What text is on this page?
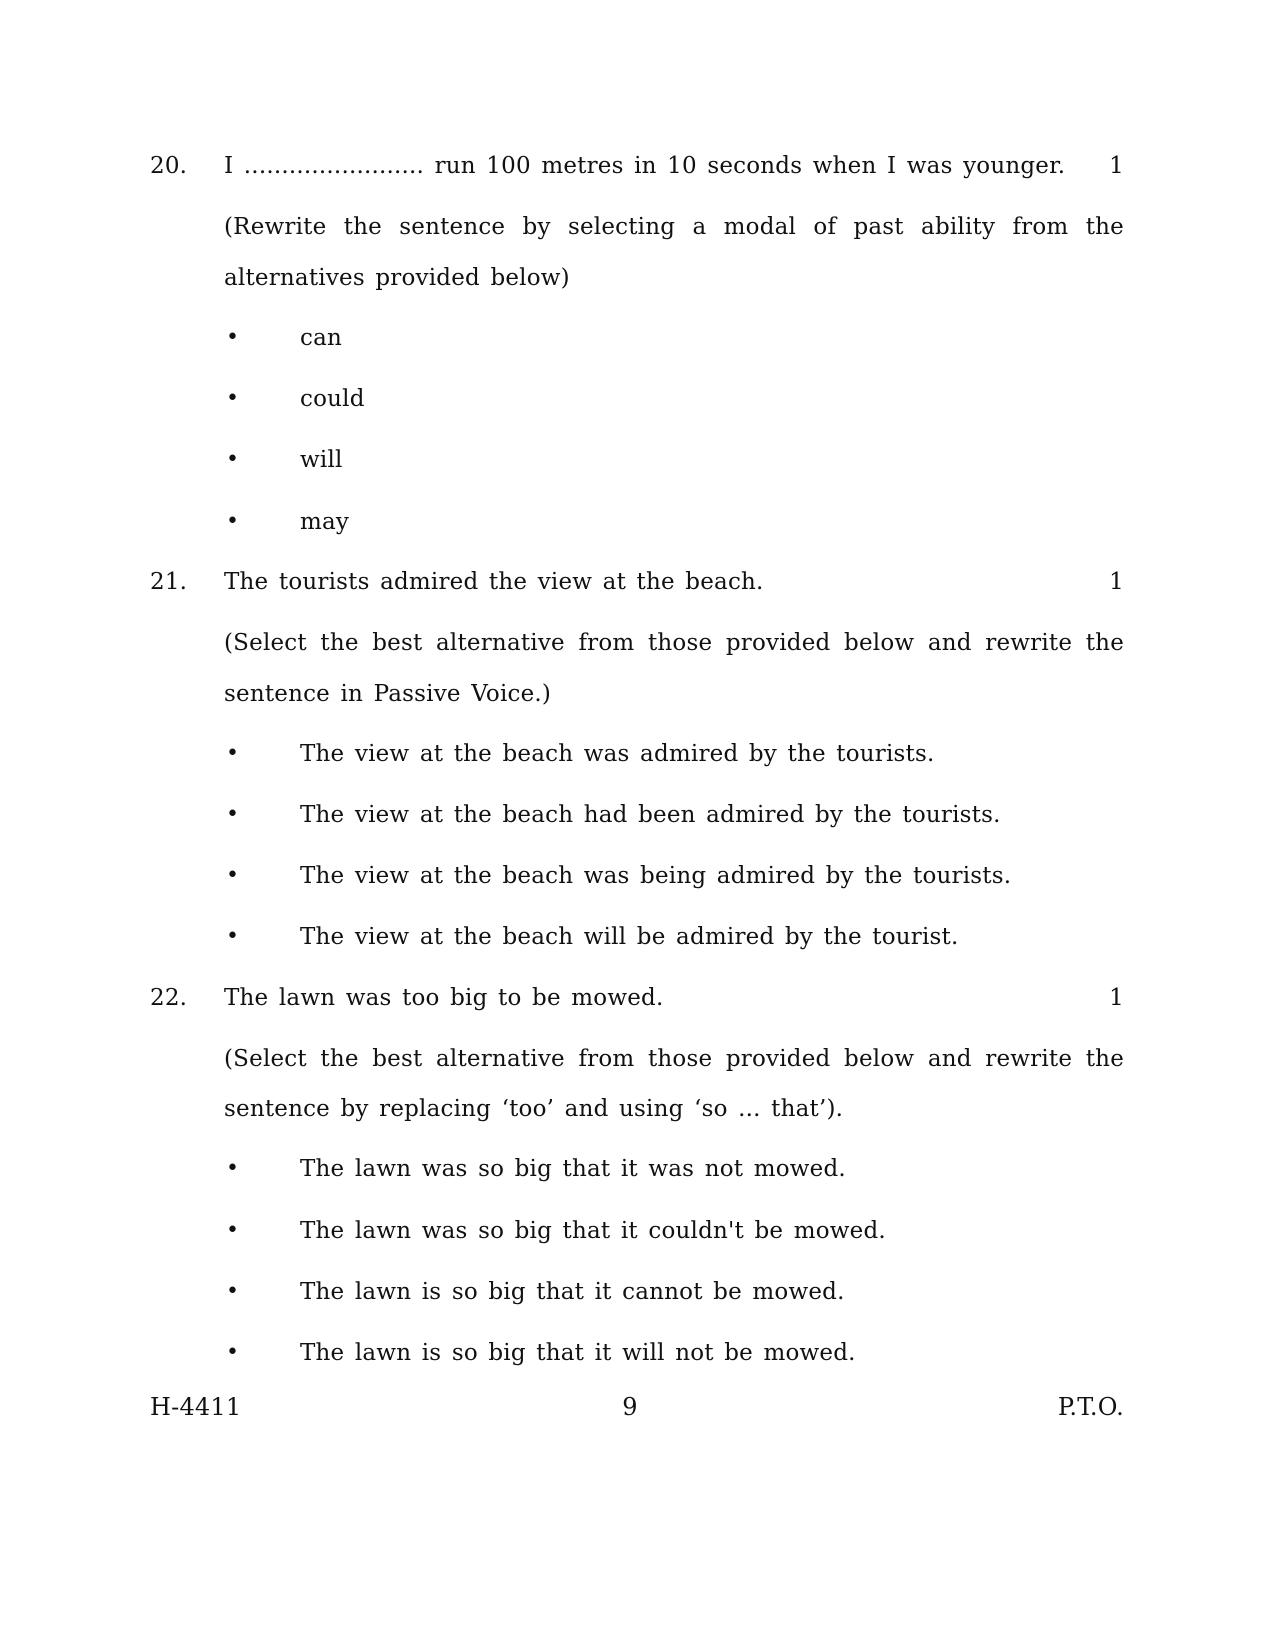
20. I ........................ run 100 metres in 10 seconds when I was younger. 1
(Rewrite the sentence by selecting a modal of past ability from the
alternatives provided below)
•	can
•	could
•	will
•	may
21. The tourists admired the view at the beach.	1
(Select the best alternative from those provided below and rewrite the
sentence in Passive Voice.)
•	The view at the beach was admired by the tourists.
•	The view at the beach had been admired by the tourists.
•	The view at the beach was being admired by the tourists.
•	The view at the beach will be admired by the tourist.
22. The lawn was too big to be mowed.	1
(Select the best alternative from those provided below and rewrite the
sentence by replacing ‘too’ and using ‘so ... that’).
•	The lawn was so big that it was not mowed.
•	The lawn was so big that it couldn't be mowed.
•	The lawn is so big that it cannot be mowed.
•	The lawn is so big that it will not be mowed.
H-4411	9	P.T.O.
